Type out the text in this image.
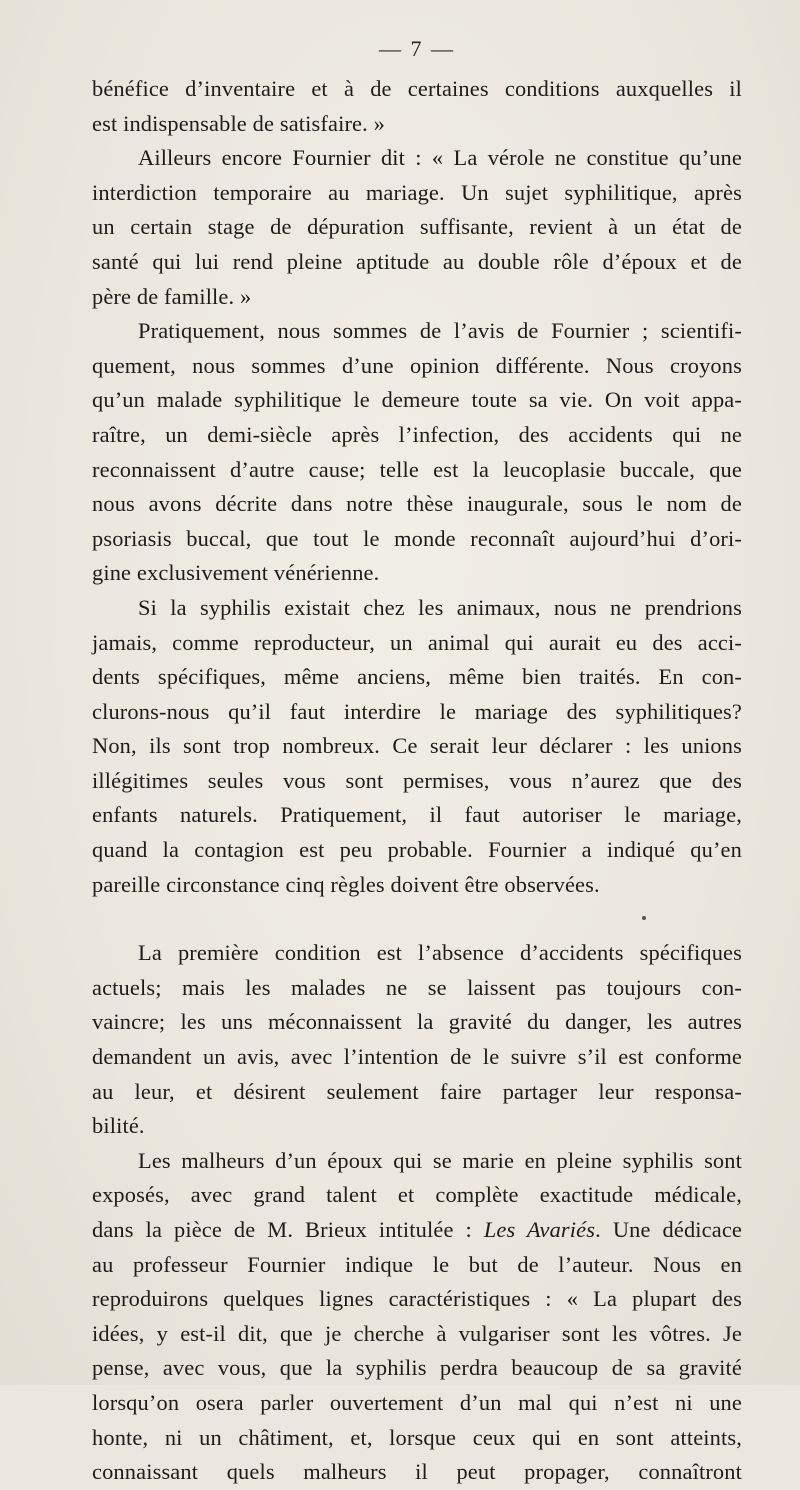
— 7 —
bénéfice d’inventaire et à de certaines conditions auxquelles il
est indispensable de satisfaire. »
Ailleurs encore Fournier dit : « La vérole ne constitue qu’une
interdiction temporaire au mariage. Un sujet syphilitique, après
un certain stage de dépuration suffisante, revient à un état de
santé qui lui rend pleine aptitude au double rôle d’époux et de
père de famille. »
Pratiquement, nous sommes de l’avis de Fournier ; scientifi-
quement, nous sommes d’une opinion différente. Nous croyons
qu’un malade syphilitique le demeure toute sa vie. On voit appa-
raître, un demi-siècle après l’infection, des accidents qui ne
reconnaissent d’autre cause; telle est la leucoplasie buccale, que
nous avons décrite dans notre thèse inaugurale, sous le nom de
psoriasis buccal, que tout le monde reconnaît aujourd’hui d’ori-
gine exclusivement vénérienne.
Si la syphilis existait chez les animaux, nous ne prendrions
jamais, comme reproducteur, un animal qui aurait eu des acci-
dents spécifiques, même anciens, même bien traités. En con-
clurons-nous qu’il faut interdire le mariage des syphilitiques?
Non, ils sont trop nombreux. Ce serait leur déclarer : les unions
illégitimes seules vous sont permises, vous n’aurez que des
enfants naturels. Pratiquement, il faut autoriser le mariage,
quand la contagion est peu probable. Fournier a indiqué qu’en
pareille circonstance cinq règles doivent être observées.
La première condition est l’absence d’accidents spécifiques
actuels; mais les malades ne se laissent pas toujours con-
vaincre; les uns méconnaissent la gravité du danger, les autres
demandent un avis, avec l’intention de le suivre s’il est conforme
au leur, et désirent seulement faire partager leur responsa-
bilité.
Les malheurs d’un époux qui se marie en pleine syphilis sont
exposés, avec grand talent et complète exactitude médicale,
dans la pièce de M. Brieux intitulée : Les Avariés. Une dédicace
au professeur Fournier indique le but de l’auteur. Nous en
reproduirons quelques lignes caractéristiques : « La plupart des
idées, y est-il dit, que je cherche à vulgariser sont les vôtres. Je
pense, avec vous, que la syphilis perdra beaucoup de sa gravité
lorsqu’on osera parler ouvertement d’un mal qui n’est ni une
honte, ni un châtiment, et, lorsque ceux qui en sont atteints,
connaissant quels malheurs il peut propager, connaîtront
